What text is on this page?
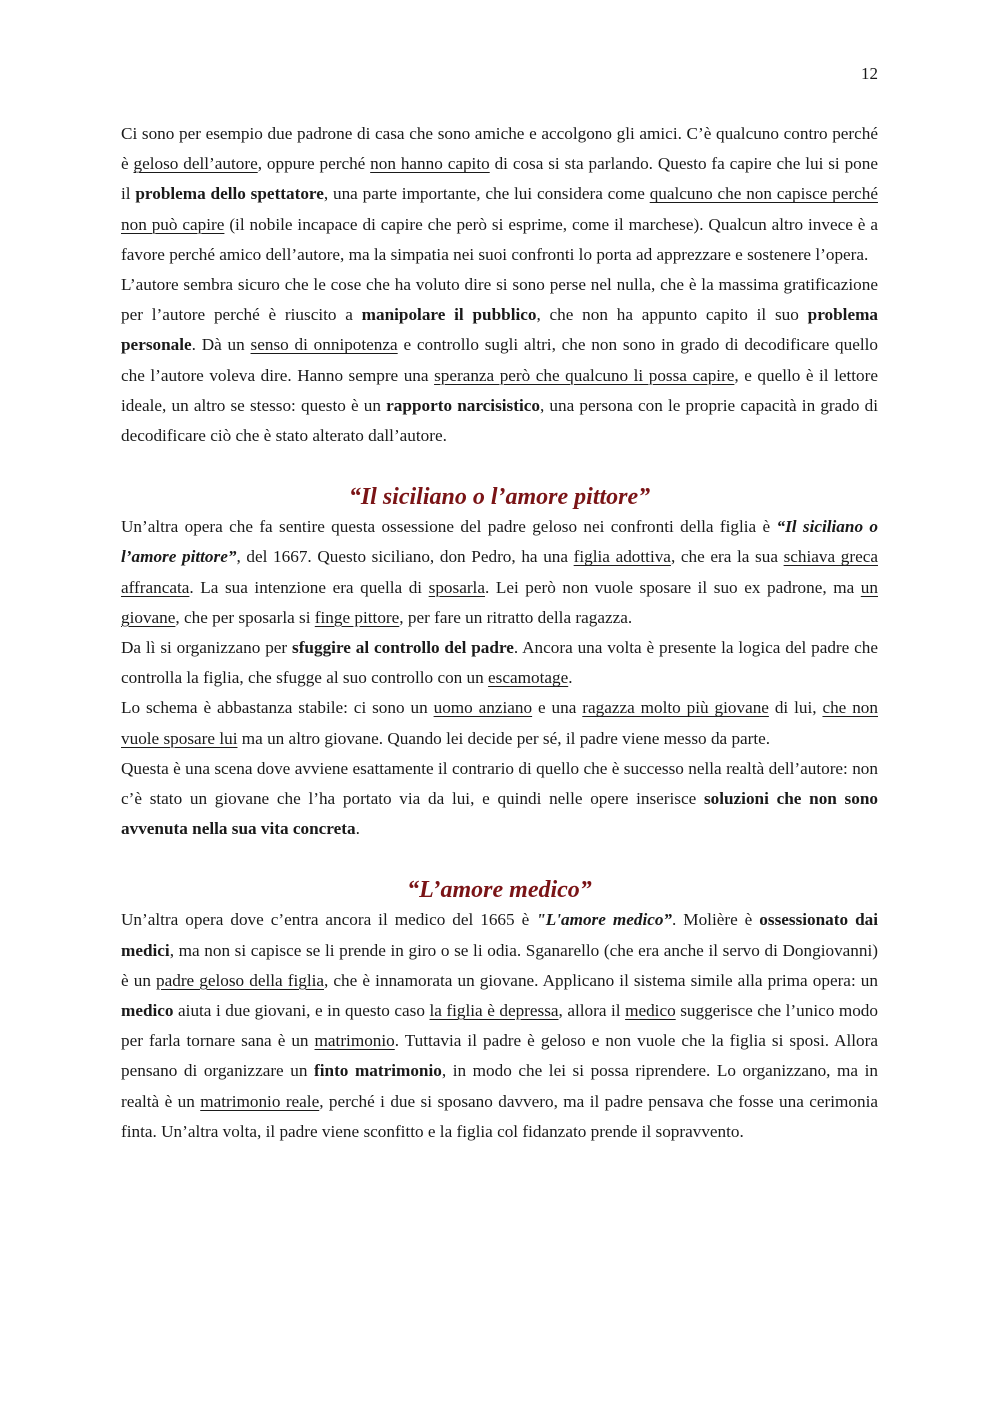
12

Ci sono per esempio due padrone di casa che sono amiche e accolgono gli amici. C’è qualcuno contro perché è geloso dell’autore, oppure perché non hanno capito di cosa si sta parlando. Questo fa capire che lui si pone il problema dello spettatore, una parte importante, che lui considera come qualcuno che non capisce perché non può capire (il nobile incapace di capire che però si esprime, come il marchese). Qualcun altro invece è a favore perché amico dell’autore, ma la simpatia nei suoi confronti lo porta ad apprezzare e sostenere l’opera.

L’autore sembra sicuro che le cose che ha voluto dire si sono perse nel nulla, che è la massima gratificazione per l’autore perché è riuscito a manipolare il pubblico, che non ha appunto capito il suo problema personale. Dà un senso di onnipotenza e controllo sugli altri, che non sono in grado di decodificare quello che l’autore voleva dire. Hanno sempre una speranza però che qualcuno li possa capire, e quello è il lettore ideale, un altro se stesso: questo è un rapporto narcisistico, una persona con le proprie capacità in grado di decodificare ciò che è stato alterato dall’autore.

“Il siciliano o l’amore pittore”

Un’altra opera che fa sentire questa ossessione del padre geloso nei confronti della figlia è “Il siciliano o l’amore pittore”, del 1667. Questo siciliano, don Pedro, ha una figlia adottiva, che era la sua schiava greca affrancata. La sua intenzione era quella di sposarla. Lei però non vuole sposare il suo ex padrone, ma un giovane, che per sposarla si finge pittore, per fare un ritratto della ragazza.

Da lì si organizzano per sfuggire al controllo del padre. Ancora una volta è presente la logica del padre che controlla la figlia, che sfugge al suo controllo con un escamotage.

Lo schema è abbastanza stabile: ci sono un uomo anziano e una ragazza molto più giovane di lui, che non vuole sposare lui ma un altro giovane. Quando lei decide per sé, il padre viene messo da parte.

Questa è una scena dove avviene esattamente il contrario di quello che è successo nella realtà dell’autore: non c’è stato un giovane che l’ha portato via da lui, e quindi nelle opere inserisce soluzioni che non sono avvenuta nella sua vita concreta.

“L’amore medico”

Un’altra opera dove c’entra ancora il medico del 1665 è "L'amore medico”. Molière è ossessionato dai medici, ma non si capisce se li prende in giro o se li odia. Sganarello (che era anche il servo di Dongiovanni) è un padre geloso della figlia, che è innamorata un giovane. Applicano il sistema simile alla prima opera: un medico aiuta i due giovani, e in questo caso la figlia è depressa, allora il medico suggerisce che l’unico modo per farla tornare sana è un matrimonio. Tuttavia il padre è geloso e non vuole che la figlia si sposi. Allora pensano di organizzare un finto matrimonio, in modo che lei si possa riprendere. Lo organizzano, ma in realtà è un matrimonio reale, perché i due si sposano davvero, ma il padre pensava che fosse una cerimonia finta. Un’altra volta, il padre viene sconfitto e la figlia col fidanzato prende il sopravvento.
